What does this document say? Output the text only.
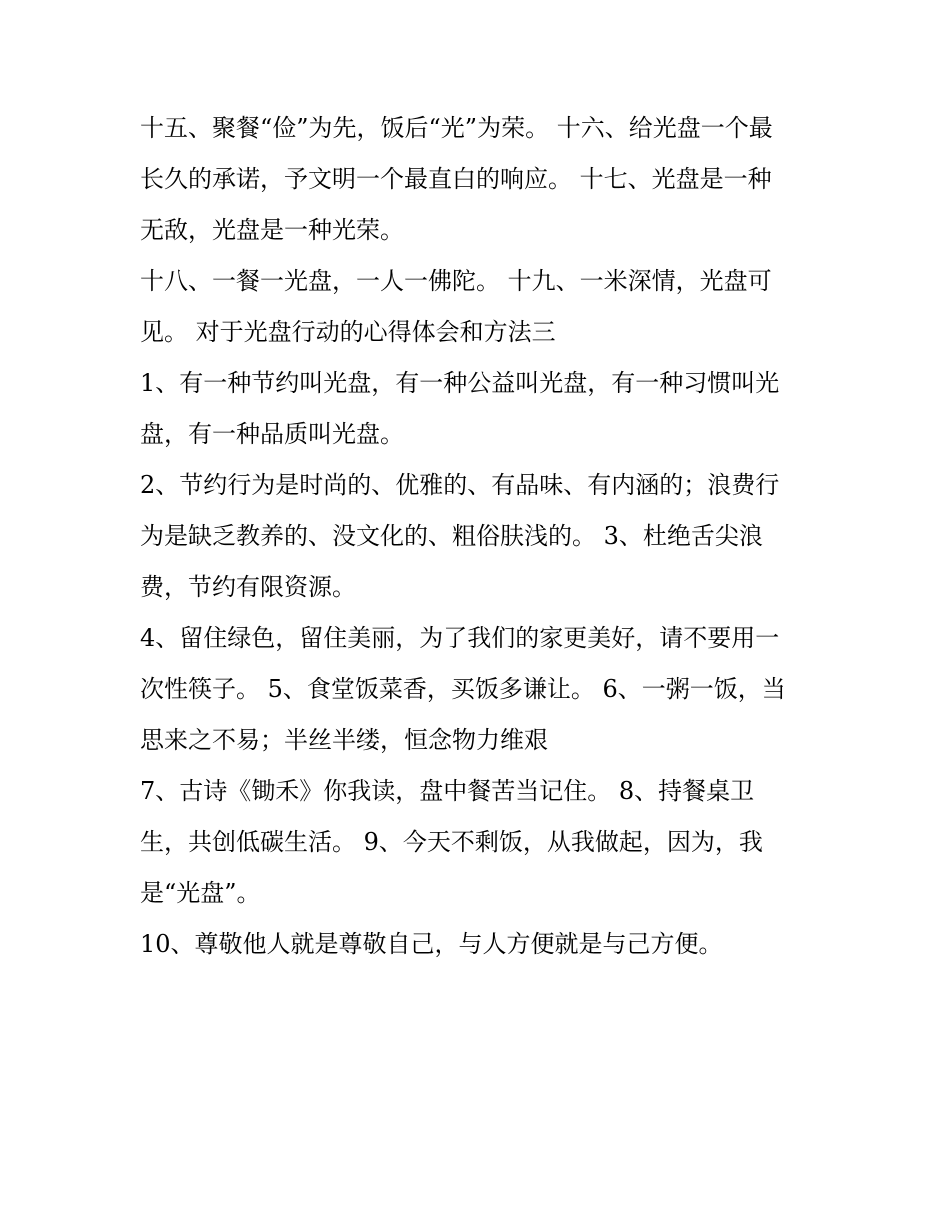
十五、聚餐“俭”为先，饭后“光”为荣。 十六、给光盘一个最
长久的承诺，予文明一个最直白的响应。 十七、光盘是一种
无敌，光盘是一种光荣。
十八、一餐一光盘，一人一佛陀。 十九、一米深情，光盘可
见。 对于光盘行动的心得体会和方法三
1、有一种节约叫光盘，有一种公益叫光盘，有一种习惯叫光
盘，有一种品质叫光盘。
2、节约行为是时尚的、优雅的、有品味、有内涵的；浪费行
为是缺乏教养的、没文化的、粗俗肤浅的。 3、杜绝舌尖浪
费，节约有限资源。
4、留住绿色，留住美丽，为了我们的家更美好，请不要用一
次性筷子。 5、食堂饭菜香，买饭多谦让。 6、一粥一饭，当
思来之不易；半丝半缕，恒念物力维艰
7、古诗《锄禾》你我读，盘中餐苦当记住。 8、持餐桌卫
生，共创低碳生活。 9、今天不剩饭，从我做起，因为，我
是“光盘”。
10、尊敬他人就是尊敬自己，与人方便就是与己方便。
